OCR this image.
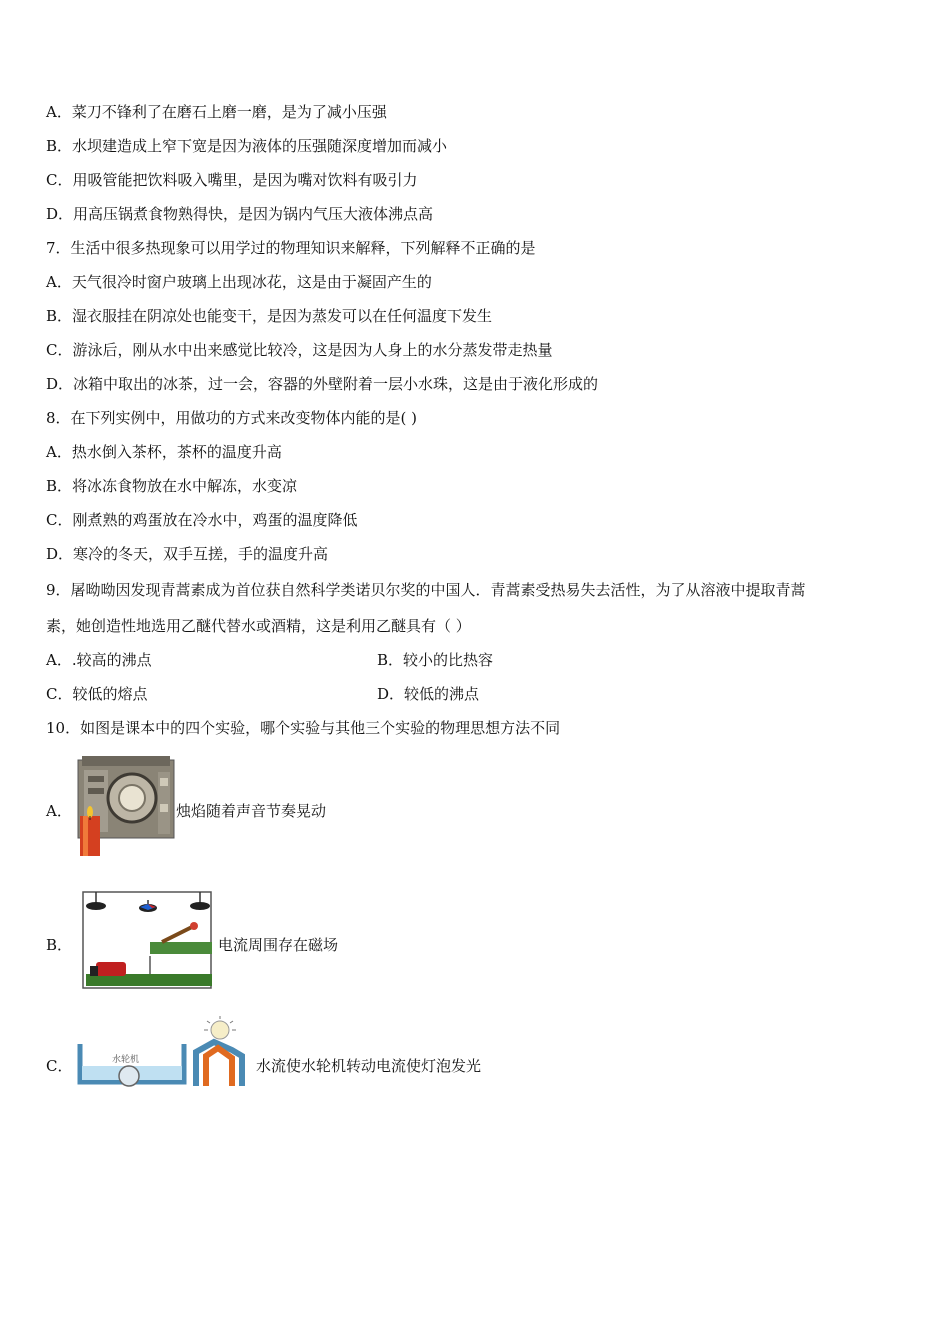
A．菜刀不锋利了在磨石上磨一磨，是为了减小压强
B．水坝建造成上窄下宽是因为液体的压强随深度增加而减小
C．用吸管能把饮料吸入嘴里，是因为嘴对饮料有吸引力
D．用高压锅煮食物熟得快，是因为锅内气压大液体沸点高
7．生活中很多热现象可以用学过的物理知识来解释，下列解释不正确的是
A．天气很冷时窗户玻璃上出现冰花，这是由于凝固产生的
B．湿衣服挂在阴凉处也能变干，是因为蒸发可以在任何温度下发生
C．游泳后，刚从水中出来感觉比较冷，这是因为人身上的水分蒸发带走热量
D．冰箱中取出的冰茶，过一会，容器的外壁附着一层小水珠，这是由于液化形成的
8．在下列实例中，用做功的方式来改变物体内能的是( )
A．热水倒入茶杯，茶杯的温度升高
B．将冰冻食物放在水中解冻，水变凉
C．刚煮熟的鸡蛋放在冷水中，鸡蛋的温度降低
D．寒冷的冬天，双手互搓，手的温度升高
9．屠呦呦因发现青蒿素成为首位获自然科学类诺贝尔奖的中国人．青蒿素受热易失去活性，为了从溶液中提取青蒿
素，她创造性地选用乙醚代替水或酒精，这是利用乙醚具有（ ）
A．.较高的沸点	B．较小的比热容
C．较低的熔点	D．较低的沸点
10．如图是课本中的四个实验，哪个实验与其他三个实验的物理思想方法不同
A．	烛焰随着声音节奏晃动
B．	电流周围存在磁场
C．	水轮机	水流使水轮机转动电流使灯泡发光
